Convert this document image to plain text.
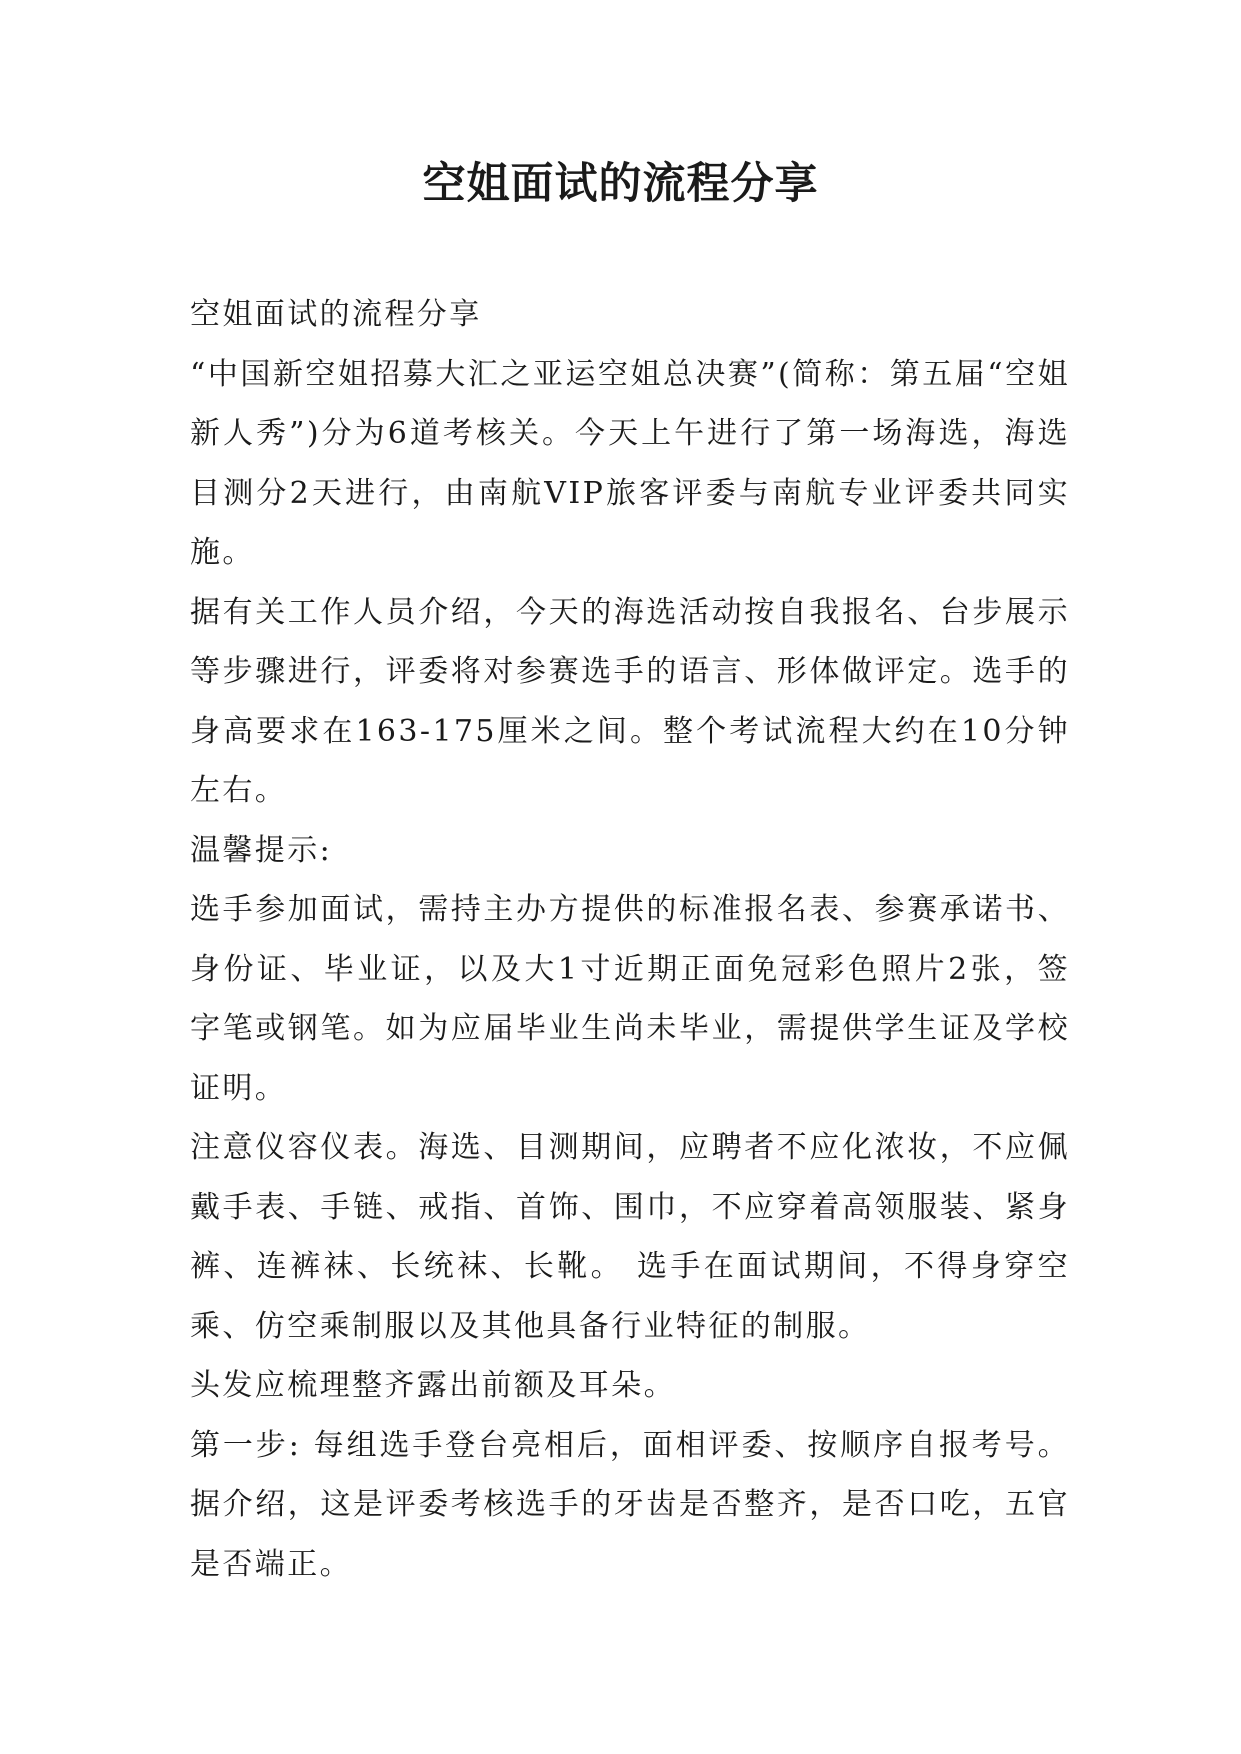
空姐面试的流程分享

空姐面试的流程分享

“中国新空姐招募大汇之亚运空姐总决赛”(简称：第五届“空姐新人秀”)分为6道考核关。今天上午进行了第一场海选，海选目测分2天进行，由南航VIP旅客评委与南航专业评委共同实施。

据有关工作人员介绍，今天的海选活动按自我报名、台步展示等步骤进行，评委将对参赛选手的语言、形体做评定。选手的身高要求在163-175厘米之间。整个考试流程大约在10分钟左右。

温馨提示:

选手参加面试，需持主办方提供的标准报名表、参赛承诺书、身份证、毕业证，以及大1寸近期正面免冠彩色照片2张，签字笔或钢笔。如为应届毕业生尚未毕业，需提供学生证及学校证明。

注意仪容仪表。海选、目测期间，应聘者不应化浓妆，不应佩戴手表、手链、戒指、首饰、围巾，不应穿着高领服装、紧身裤、连裤袜、长统袜、长靴。 选手在面试期间，不得身穿空乘、仿空乘制服以及其他具备行业特征的制服。

头发应梳理整齐露出前额及耳朵。

第一步: 每组选手登台亮相后，面相评委、按顺序自报考号。据介绍，这是评委考核选手的牙齿是否整齐，是否口吃，五官是否端正。
